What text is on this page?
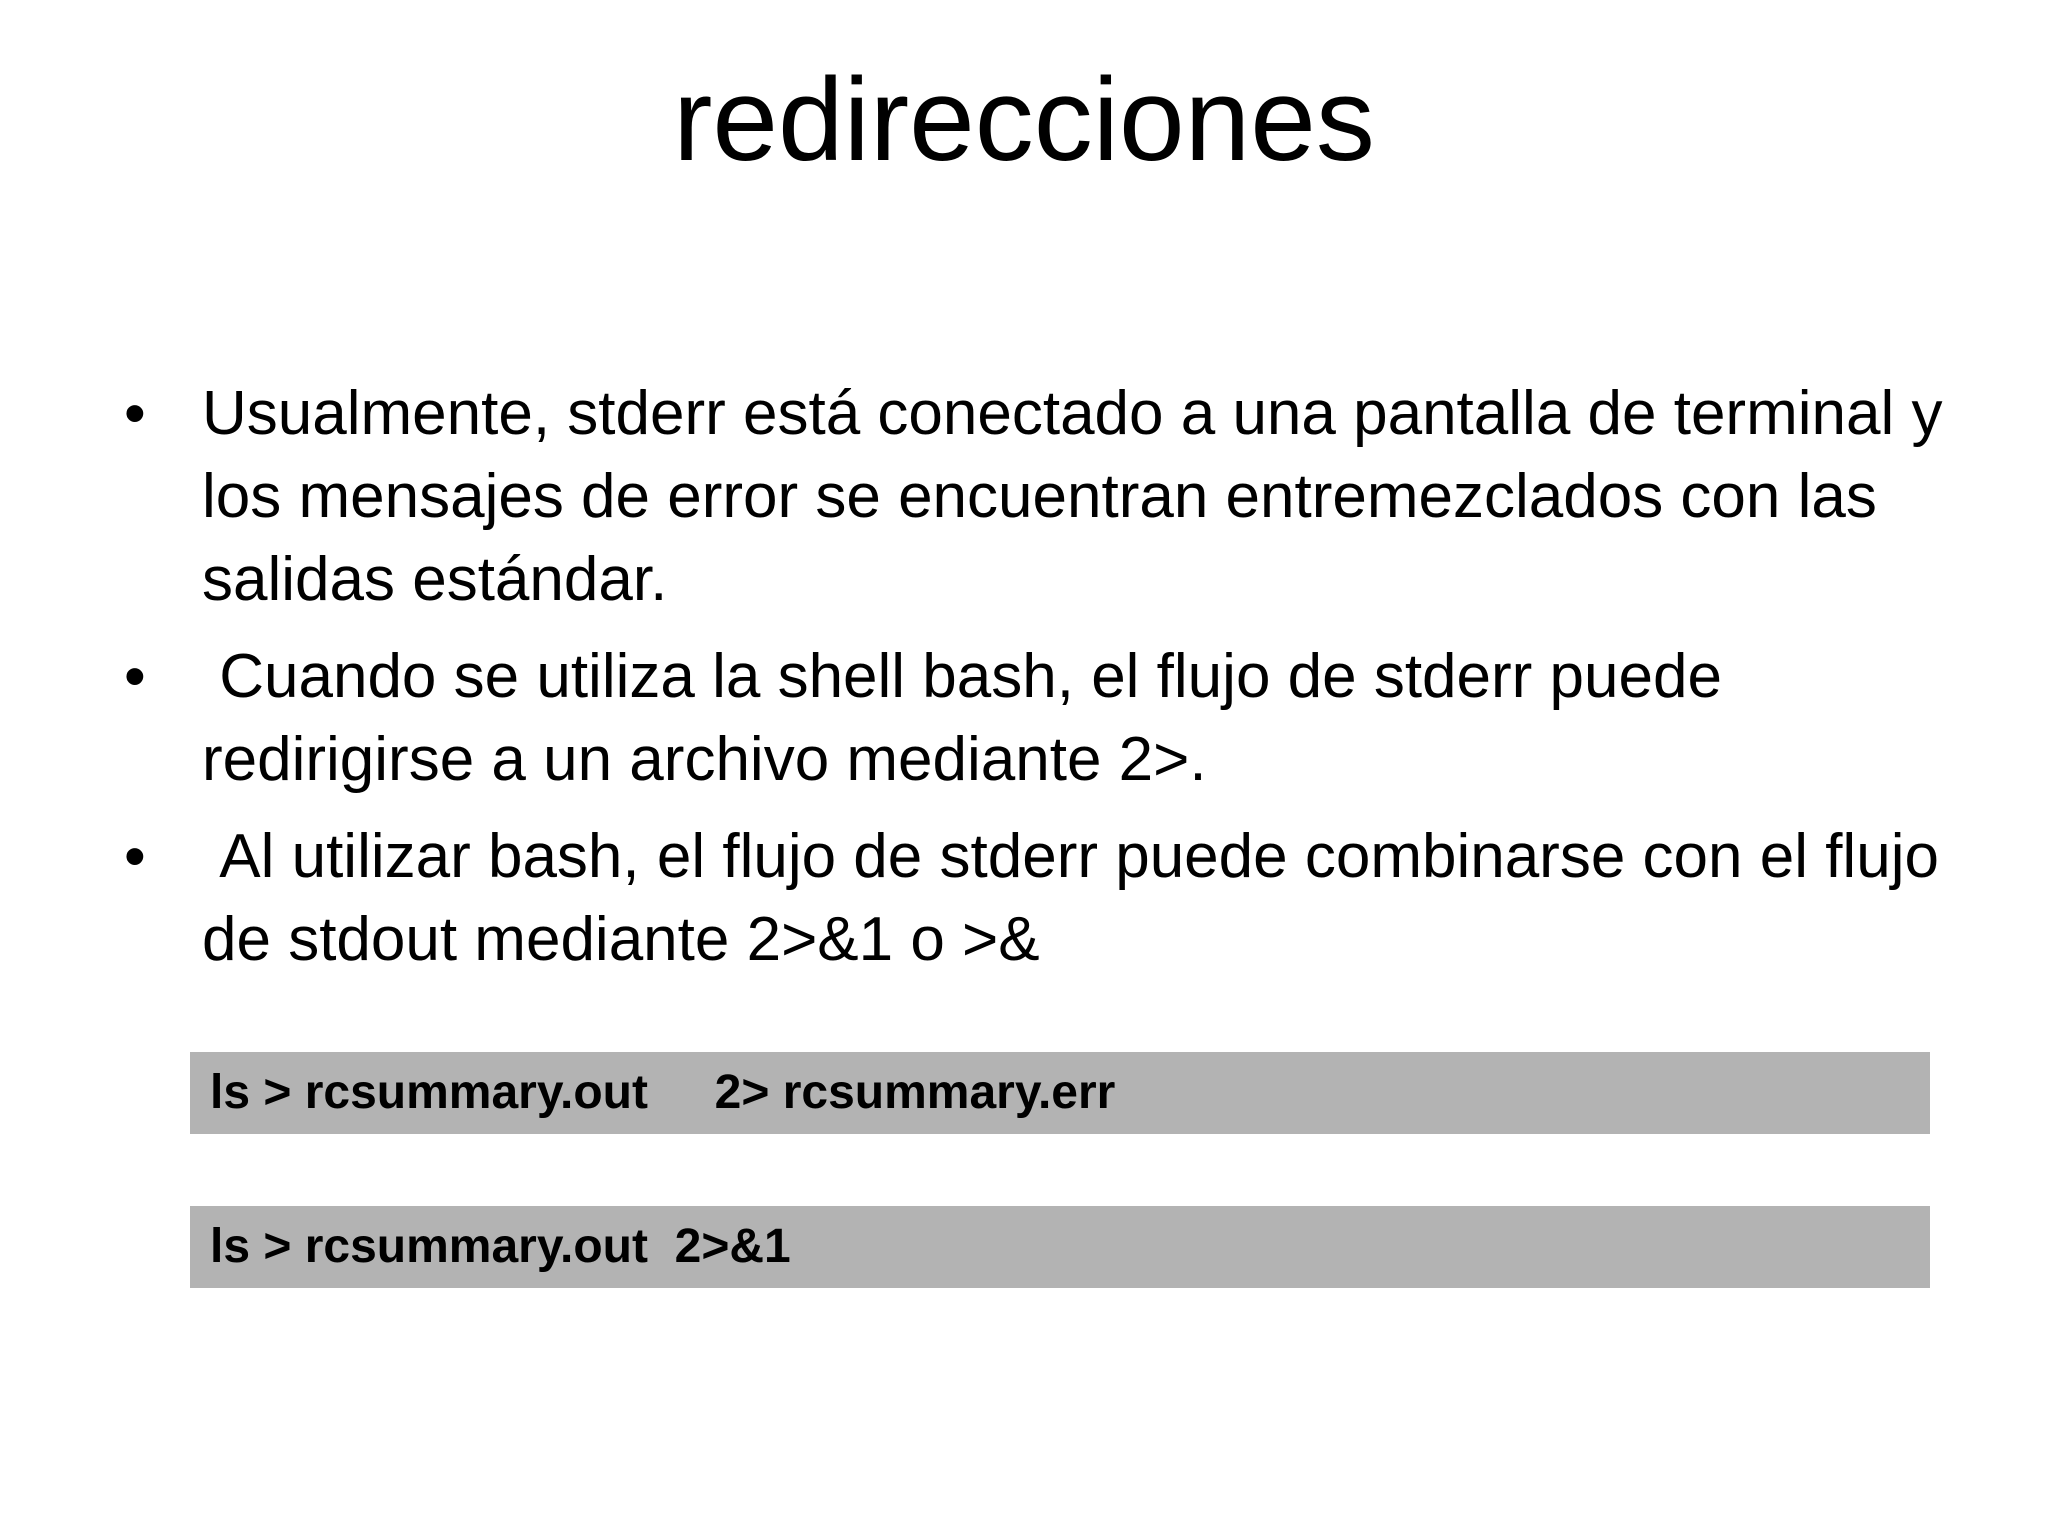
redirecciones
• Usualmente, stderr está conectado a una pantalla de terminal y los mensajes de error se encuentran entremezclados con las salidas estándar.
• Cuando se utiliza la shell bash, el flujo de stderr puede redirigirse a un archivo mediante 2>.
• Al utilizar bash, el flujo de stderr puede combinarse con el flujo de stdout mediante 2>&1 o >&
ls > rcsummary.out     2> rcsummary.err
ls > rcsummary.out  2>&1
